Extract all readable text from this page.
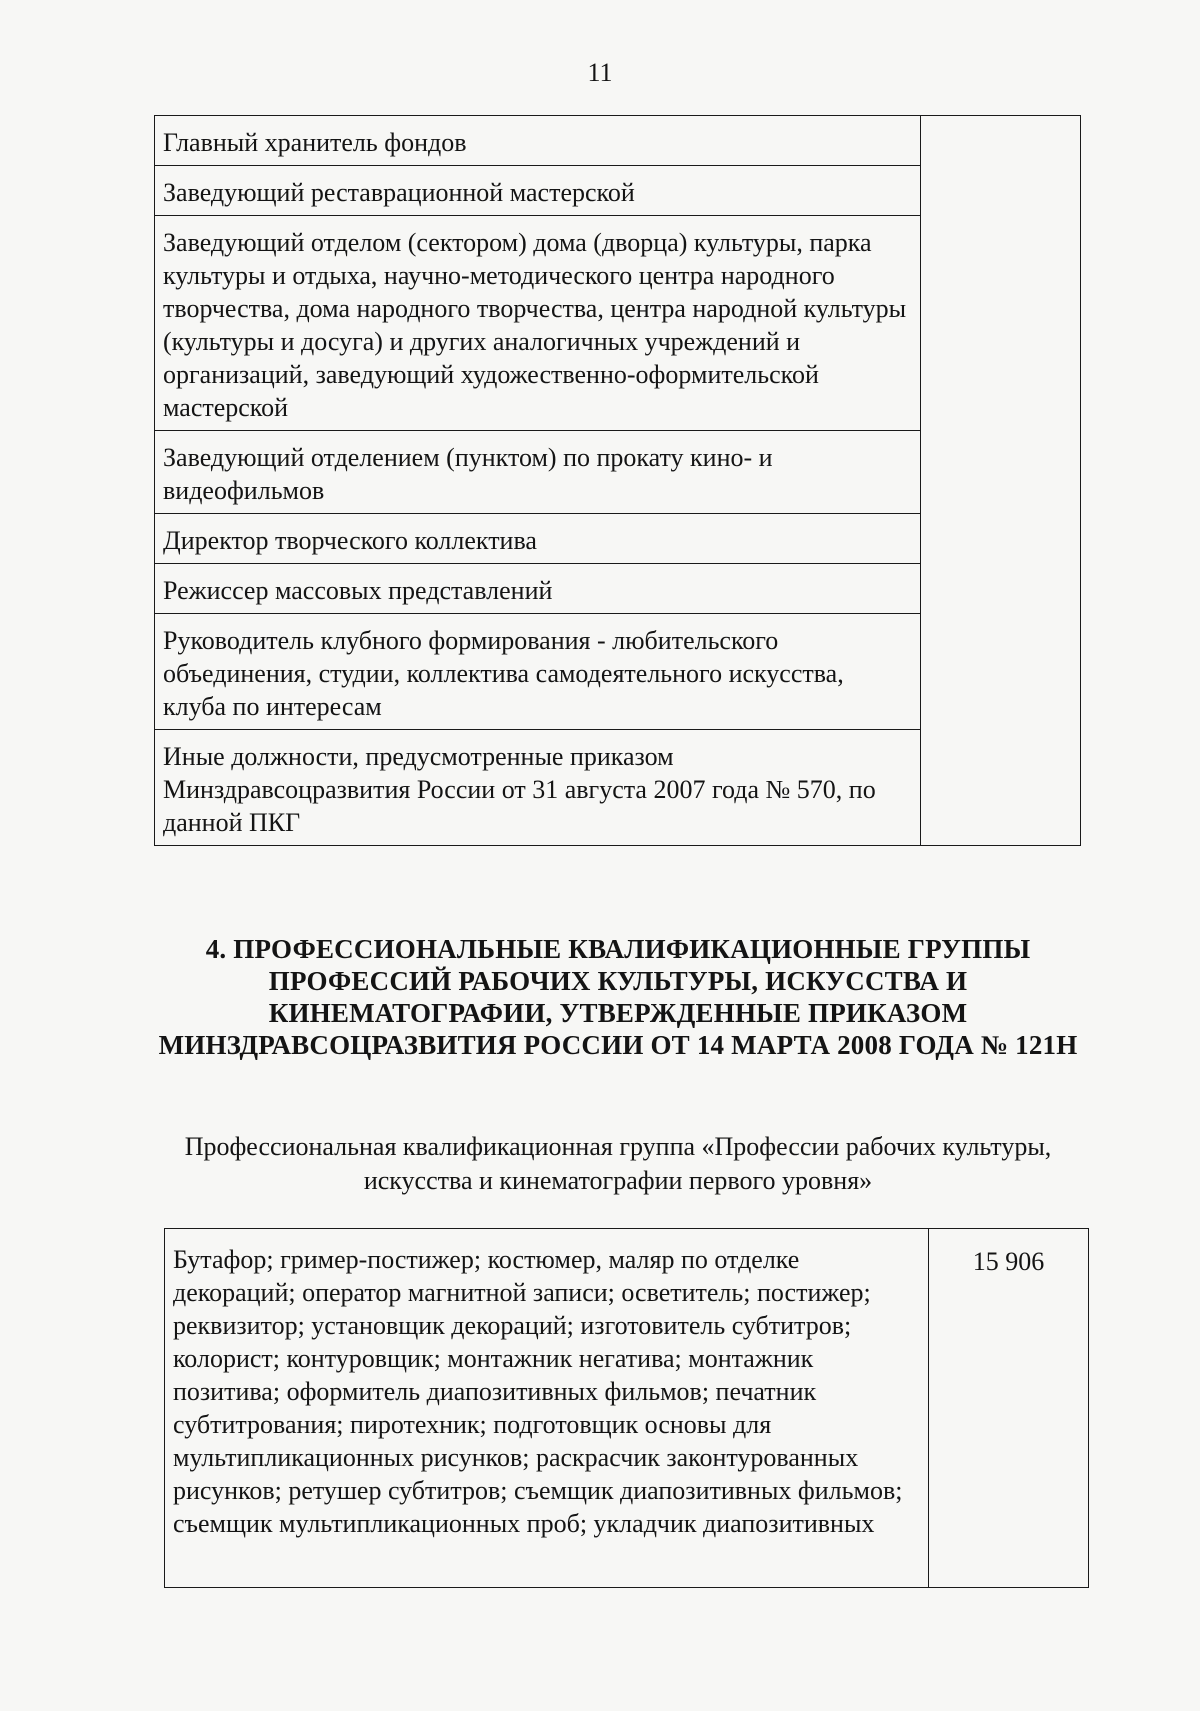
11
Главный хранитель фондов	
Заведующий реставрационной мастерской
Заведующий отделом (сектором) дома (дворца) культуры, парка культуры и отдыха, научно-методического центра народного творчества, дома народного творчества, центра народной культуры (культуры и досуга) и других аналогичных учреждений и организаций, заведующий художественно-оформительской мастерской
Заведующий отделением (пунктом) по прокату кино- и видеофильмов
Директор творческого коллектива
Режиссер массовых представлений
Руководитель клубного формирования - любительского объединения, студии, коллектива самодеятельного искусства, клуба по интересам
Иные должности, предусмотренные приказом Минздравсоцразвития России от 31 августа 2007 года № 570, по данной ПКГ
4. ПРОФЕССИОНАЛЬНЫЕ КВАЛИФИКАЦИОННЫЕ ГРУППЫ ПРОФЕССИЙ РАБОЧИХ КУЛЬТУРЫ, ИСКУССТВА И КИНЕМАТОГРАФИИ, УТВЕРЖДЕННЫЕ ПРИКАЗОМ МИНЗДРАВСОЦРАЗВИТИЯ РОССИИ ОТ 14 МАРТА 2008 ГОДА № 121Н
Профессиональная квалификационная группа «Профессии рабочих культуры, искусства и кинематографии первого уровня»
Бутафор; гример-постижер; костюмер, маляр по отделке декораций; оператор магнитной записи; осветитель; постижер; реквизитор; установщик декораций; изготовитель субтитров; колорист; контуровщик; монтажник негатива; монтажник позитива; оформитель диапозитивных фильмов; печатник субтитрования; пиротехник; подготовщик основы для мультипликационных рисунков; раскрасчик законтурованных рисунков; ретушер субтитров; съемщик диапозитивных фильмов; съемщик мультипликационных проб; укладчик диапозитивных	15 906
